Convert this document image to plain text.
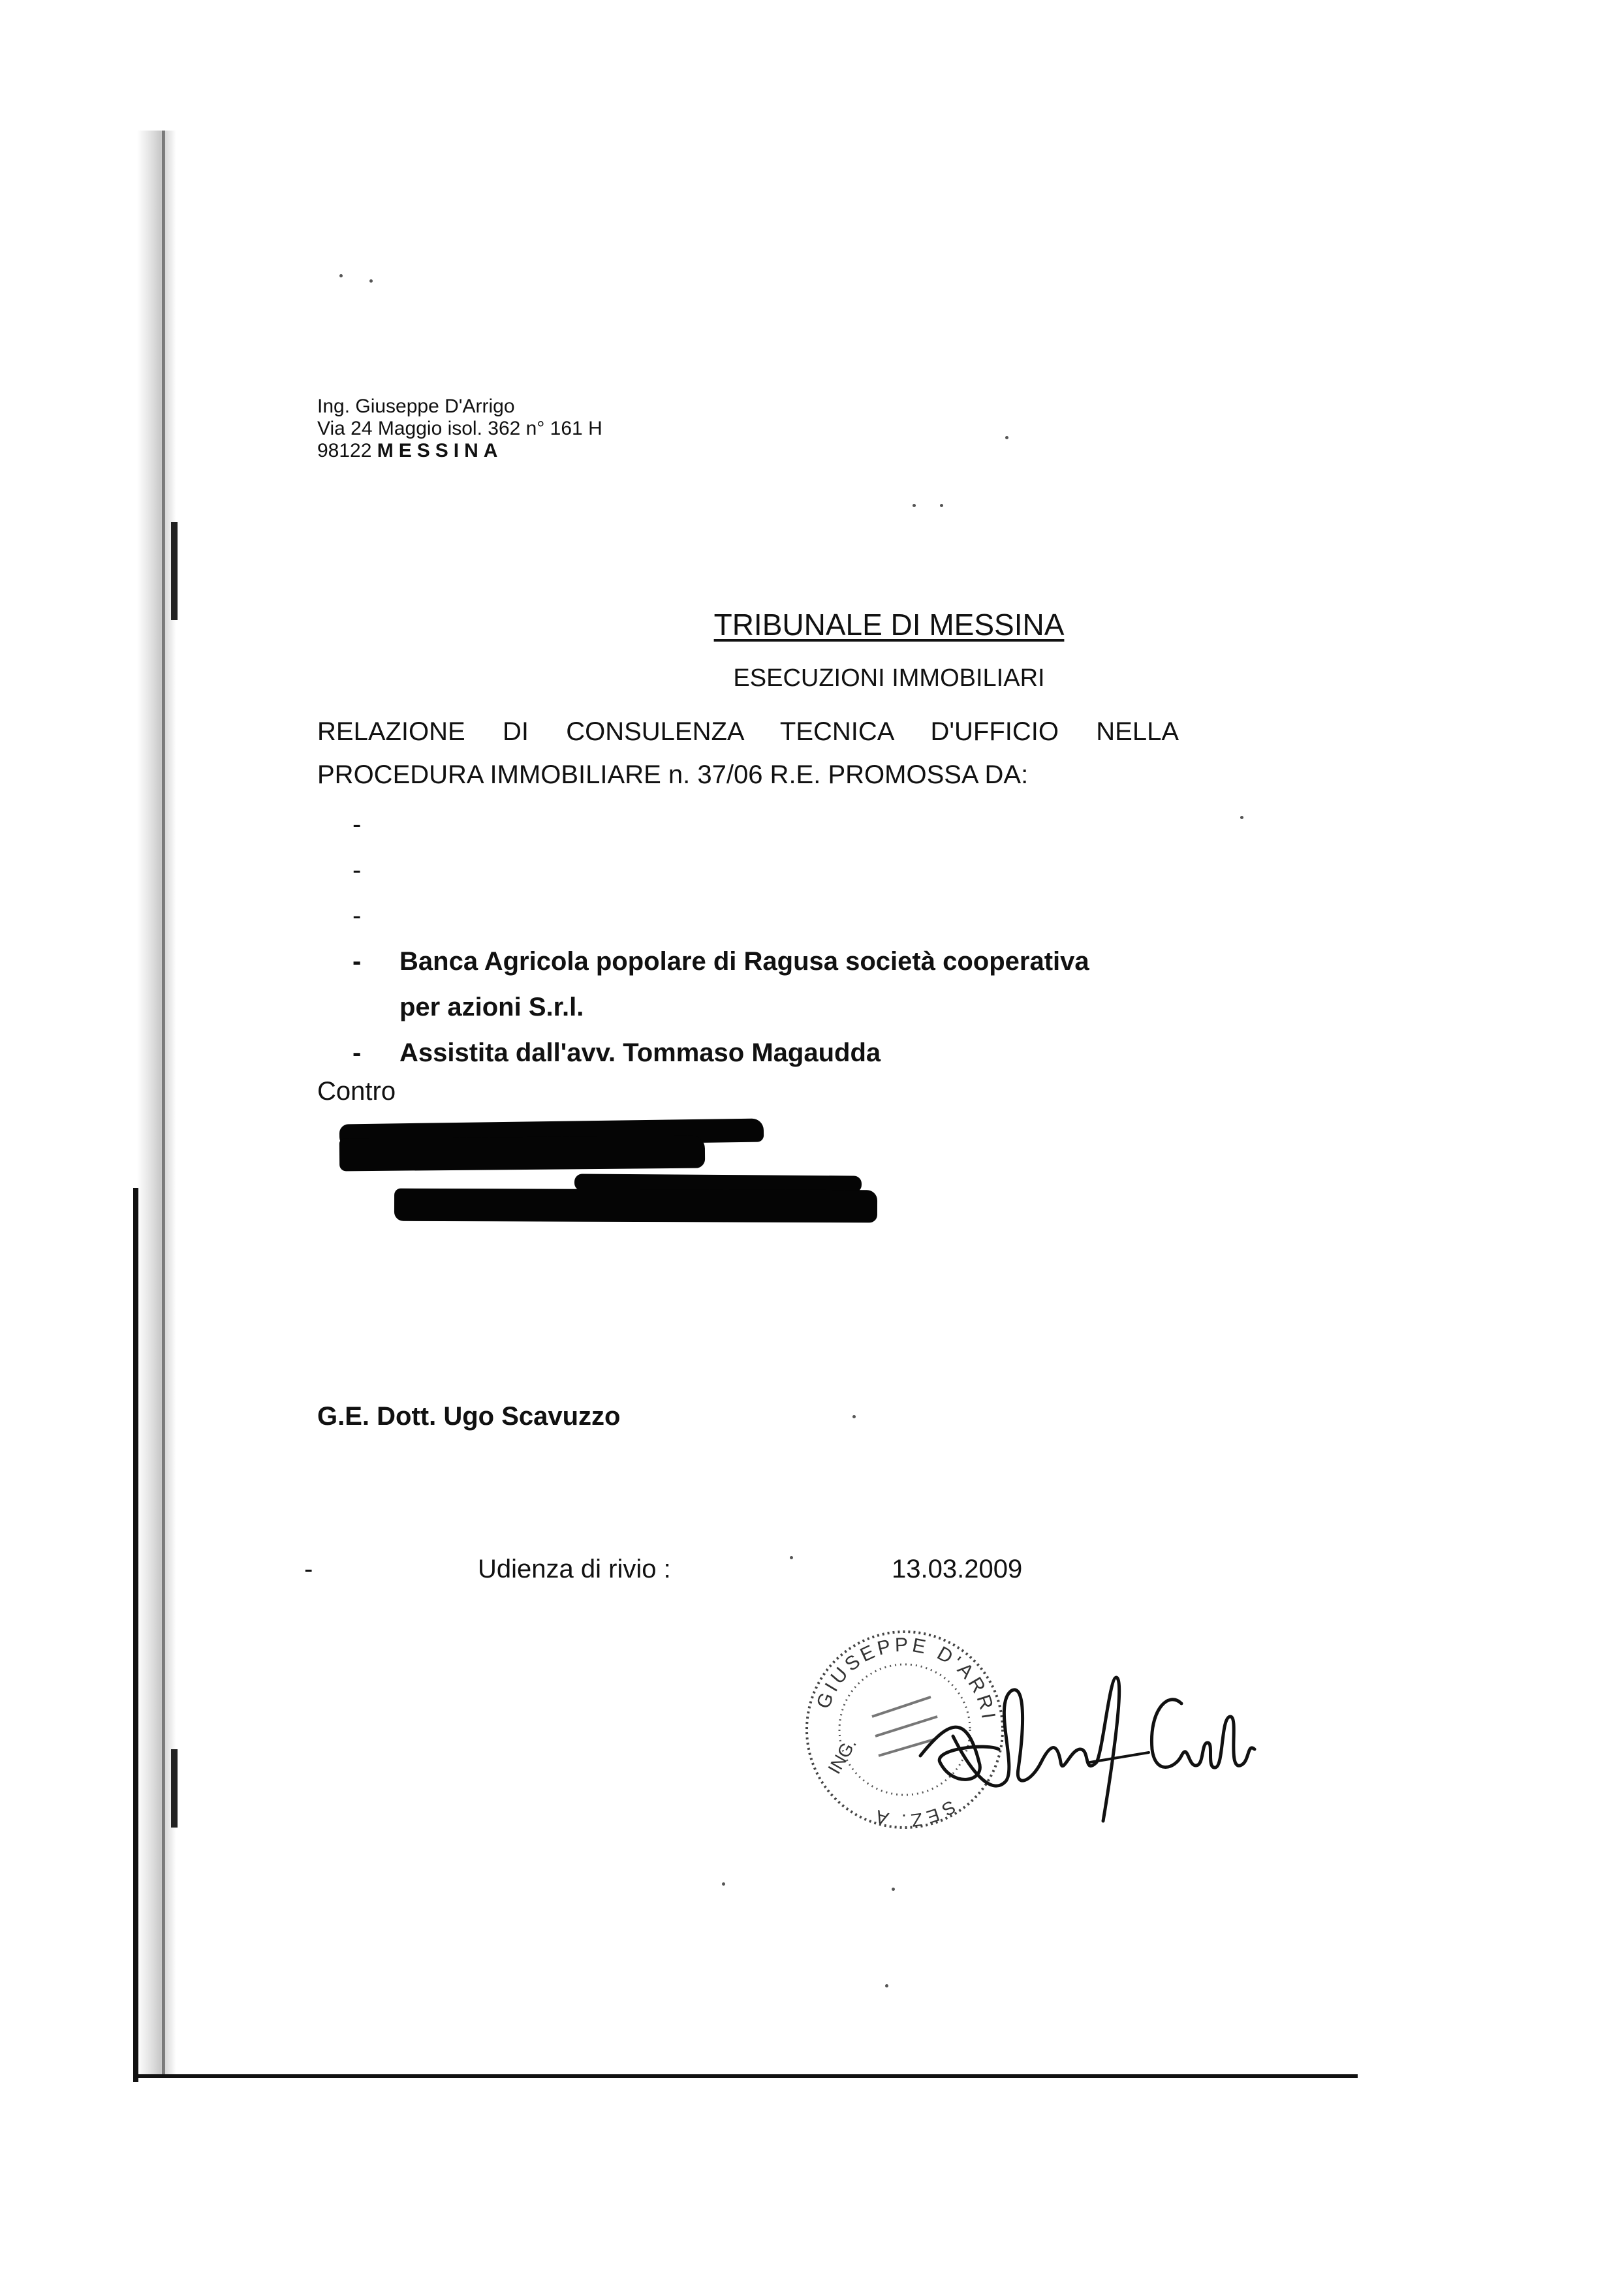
Ing. Giuseppe D'Arrigo
Via 24 Maggio isol. 362 n° 161 H
98122 MESSINA
TRIBUNALE DI MESSINA
ESECUZIONI IMMOBILIARI
RELAZIONE DI CONSULENZA TECNICA D'UFFICIO NELLA
PROCEDURA IMMOBILIARE n. 37/06 R.E. PROMOSSA DA:
-

-

-

- Banca Agricola popolare di Ragusa società cooperativa
per azioni S.r.l.
- Assistita dall'avv. Tommaso Magaudda
Contro
G.E. Dott. Ugo Scavuzzo
-	Udienza di rivio :	13.03.2009
GIUSEPPE D'ARRI
SEZ. A
ING.
